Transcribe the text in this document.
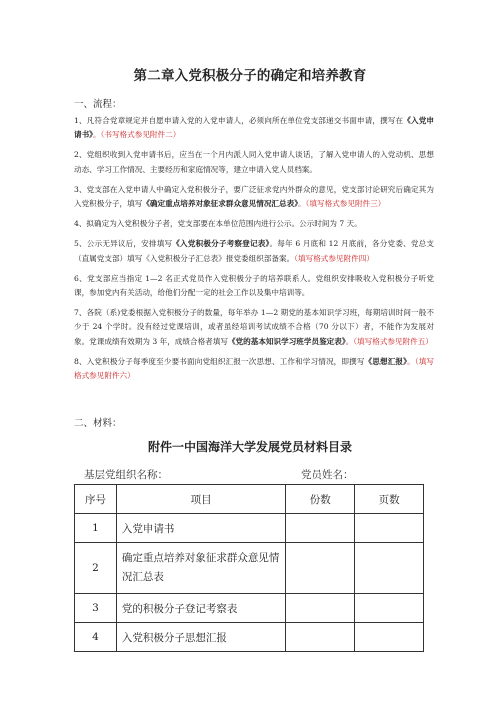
第二章入党积极分子的确定和培养教育
一、流程：

1、凡符合党章规定并自愿申请入党的入党申请人，必须向所在单位党支部递交书面申请，撰写在《入党申请书》。（书写格式参见附件二）

2、党组织收到入党申请书后，应当在一个月内派人同入党申请人谈话，了解入党申请人的入党动机、思想动态、学习工作情况、主要经历和家庭情况等，建立申请入党人员档案。

3、党支部在入党申请人中确定入党积极分子，要广泛征求党内外群众的意见，党支部讨论研究后确定其为入党积极分子，填写《确定重点培养对象征求群众意见情况汇总表》。（填写格式参见附件三）

4、拟确定为入党积极分子者，党支部要在本单位范围内进行公示。公示时间为 7 天。

5、公示无异议后，安排填写《入党积极分子考察登记表》。每年 6 月底和 12 月底前，各分党委、党总支（直属党支部）填写《入党积极分子汇总表》报党委组织部备案。（填写格式参见附件四）

6、党支部应当指定 1—2 名正式党员作入党积极分子的培养联系人。党组织安排吸收入党积极分子听党课，参加党内有关活动，给他们分配一定的社会工作以及集中培训等。

7、各院（系)党委根据入党积极分子的数量，每年举办 1—2 期党的基本知识学习班，每期培训时间一般不少于 24 个学时。没有经过党课培训，或者虽经培训考试成绩不合格（70 分以下）者，不能作为发展对象。党课成绩有效期为 3 年，成绩合格者填写《党的基本知识学习班学员鉴定表》。（填写格式参见附件五）

8、入党积极分子每季度至少要书面向党组织汇报一次思想、工作和学习情况，即撰写《思想汇报》。（填写格式参见附件六）

二、材料：
附件一中国海洋大学发展党员材料目录
基层党组织名称：	党员姓名：
序号	项目	份数	页数
1	入党申请书		
2	确定重点培养对象征求群众意见情况汇总表		
3	党的积极分子登记考察表		
4	入党积极分子思想汇报		
